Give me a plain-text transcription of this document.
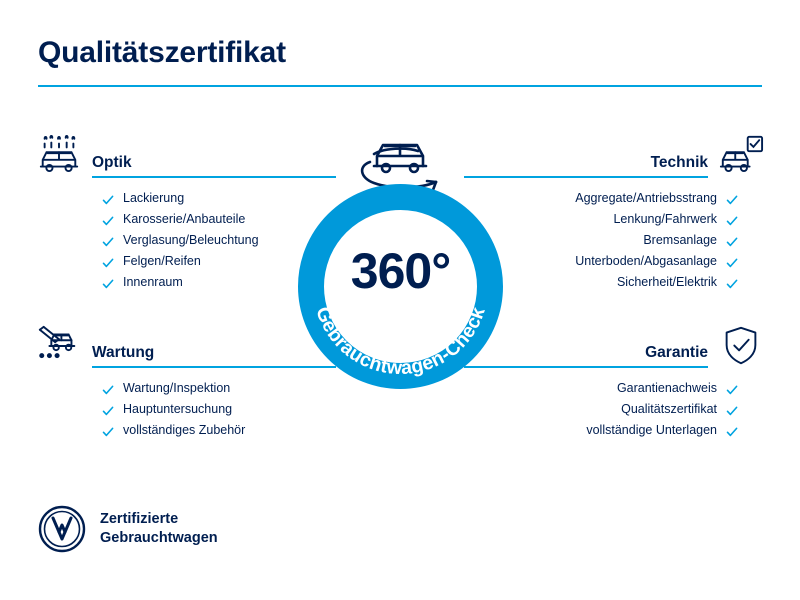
Qualitätszertifikat
Optik
Lackierung
Karosserie/Anbauteile
Verglasung/Beleuchtung
Felgen/Reifen
Innenraum
Technik
Aggregate/Antriebsstrang
Lenkung/Fahrwerk
Bremsanlage
Unterboden/Abgasanlage
Sicherheit/Elektrik
Wartung
Wartung/Inspektion
Hauptuntersuchung
vollständiges Zubehör
Garantie
Garantienachweis
Qualitätszertifikat
vollständige Unterlagen
360°
Gebrauchtwagen-Check
Zertifizierte
Gebrauchtwagen
